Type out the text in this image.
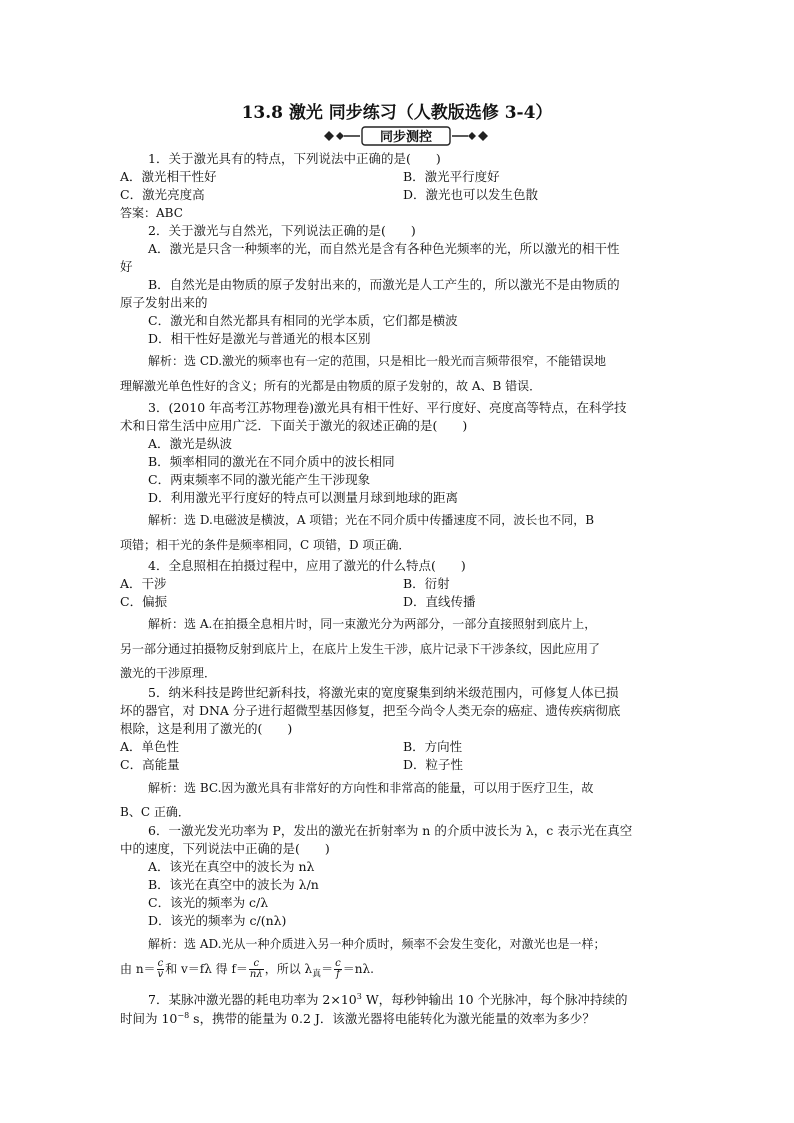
13.8 激光 同步练习（人教版选修 3-4）
同步测控
1．关于激光具有的特点，下列说法中正确的是(　　)
A．激光相干性好	B．激光平行度好
C．激光亮度高	D．激光也可以发生色散
答案：ABC
2．关于激光与自然光，下列说法正确的是(　　)
A．激光是只含一种频率的光，而自然光是含有各种色光频率的光，所以激光的相干性
好
B．自然光是由物质的原子发射出来的，而激光是人工产生的，所以激光不是由物质的
原子发射出来的
C．激光和自然光都具有相同的光学本质，它们都是横波
D．相干性好是激光与普通光的根本区别
解析：选 CD.激光的频率也有一定的范围，只是相比一般光而言频带很窄，不能错误地
理解激光单色性好的含义；所有的光都是由物质的原子发射的，故 A、B 错误．
3．(2010 年高考江苏物理卷)激光具有相干性好、平行度好、亮度高等特点，在科学技
术和日常生活中应用广泛．下面关于激光的叙述正确的是(　　)
A．激光是纵波
B．频率相同的激光在不同介质中的波长相同
C．两束频率不同的激光能产生干涉现象
D．利用激光平行度好的特点可以测量月球到地球的距离
解析：选 D.电磁波是横波，A 项错；光在不同介质中传播速度不同，波长也不同，B
项错；相干光的条件是频率相同，C 项错，D 项正确．
4．全息照相在拍摄过程中，应用了激光的什么特点(　　)
A．干涉	B．衍射
C．偏振	D．直线传播
解析：选 A.在拍摄全息相片时，同一束激光分为两部分，一部分直接照射到底片上，
另一部分通过拍摄物反射到底片上，在底片上发生干涉，底片记录下干涉条纹，因此应用了
激光的干涉原理．
5．纳米科技是跨世纪新科技，将激光束的宽度聚集到纳米级范围内，可修复人体已损
坏的器官，对 DNA 分子进行超微型基因修复，把至今尚令人类无奈的癌症、遗传疾病彻底
根除，这是利用了激光的(　　)
A．单色性	B．方向性
C．高能量	D．粒子性
解析：选 BC.因为激光具有非常好的方向性和非常高的能量，可以用于医疗卫生，故
B、C 正确．
6．一激光发光功率为 P，发出的激光在折射率为 n 的介质中波长为 λ，c 表示光在真空
中的速度，下列说法中正确的是(　　)
A．该光在真空中的波长为 nλ
B．该光在真空中的波长为 λ/n
C．该光的频率为 c/λ
D．该光的频率为 c/(nλ)
解析：选 AD.光从一种介质进入另一种介质时，频率不会发生变化，对激光也是一样；
由 $n= \frac{c}{v}$ 和 v＝fλ 得 $f= \frac{c}{n\lambda}$ ，所以 $\lambda_真= \frac{c}{f} =n\lambda$.
7．某脉冲激光器的耗电功率为 $2\times 10^3$ W，每秒钟输出 10 个光脉冲，每个脉冲持续的
时间为 $10^{-8}$ s，携带的能量为 0.2 J．该激光器将电能转化为激光能量的效率为多少？
